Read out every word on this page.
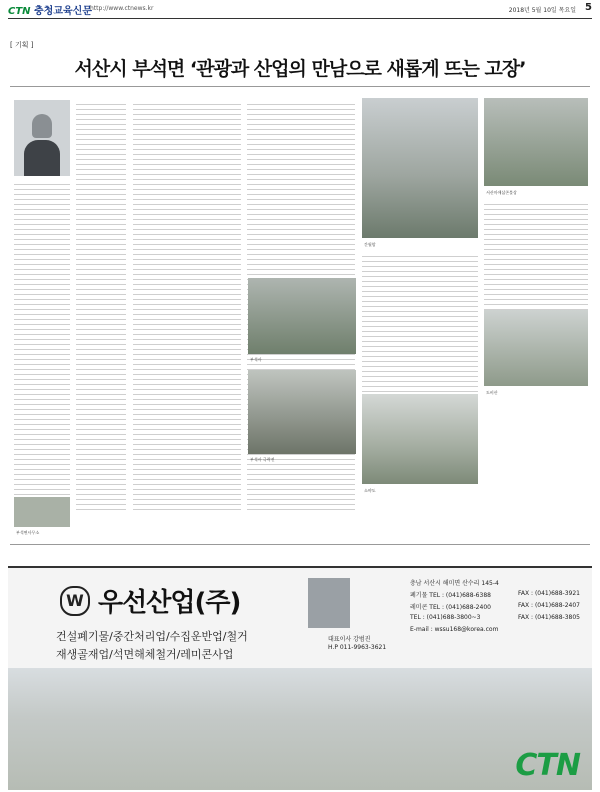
CTN 충청교육신문
http://www.ctnews.kr	2018년 5월 10일 목요일 5
[ 기획 ]
서산시 부석면 ‘관광과 산업의 만남으로 새롭게 뜨는 고장’
부석면사무소
간월암
서산마애삼존불상
부석사
도비산
소야도
부석사 극락전
W 우선산업(주)
건설폐기물/중간처리업/수집운반업/철거
재생골재업/석면해체철거/레미콘사업
대표이사 강범진
H.P 011-9963-3621
충남 서산시 해미면 산수리 145-4
폐기물 TEL : (041)688-6388
레미콘 TEL : (041)688-2400
TEL : (041)688-3800~3
E-mail : wssu168@korea.com
FAX : (041)688-3921
FAX : (041)688-2407
FAX : (041)688-3805
CTN
